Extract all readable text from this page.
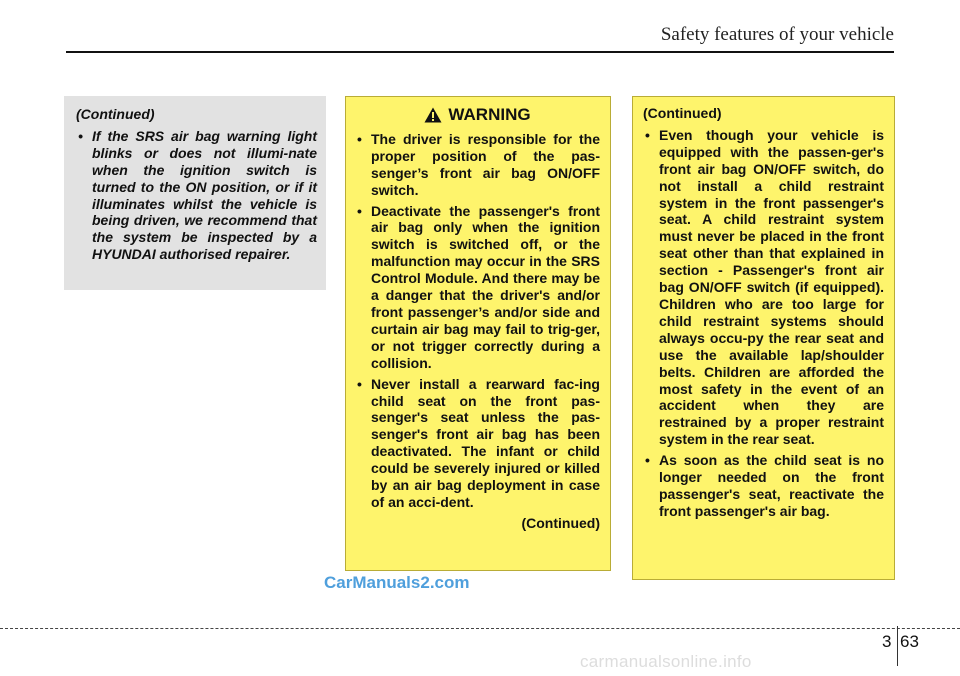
Safety features of your vehicle
(Continued)
• If the SRS air bag warning light blinks or does not illumi-nate when the ignition switch is turned to the ON position, or if it illuminates whilst the vehicle is being driven, we recommend that the system be inspected by a HYUNDAI authorised repairer.
WARNING
• The driver is responsible for the proper position of the pas-senger’s front air bag ON/OFF switch.
• Deactivate the passenger's front air bag only when the ignition switch is switched off, or the malfunction may occur in the SRS Control Module. And there may be a danger that the driver's and/or front passenger’s and/or side and curtain air bag may fail to trig-ger, or not trigger correctly during a collision.
• Never install a rearward fac-ing child seat on the front pas-senger's seat unless the pas-senger's front air bag has been deactivated. The infant or child could be severely injured or killed by an air bag deployment in case of an acci-dent.
(Continued)
(Continued)
• Even though your vehicle is equipped with the passen-ger's front air bag ON/OFF switch, do not install a child restraint system in the front passenger's seat. A child restraint system must never be placed in the front seat other than that explained in section - Passenger's front air bag ON/OFF switch (if equipped). Children who are too large for child restraint systems should always occu-py the rear seat and use the available lap/shoulder belts. Children are afforded the most safety in the event of an accident when they are restrained by a proper restraint system in the rear seat.
• As soon as the child seat is no longer needed on the front passenger's seat, reactivate the front passenger's air bag.
CarManuals2.com
3 63
carmanualsonline.info
